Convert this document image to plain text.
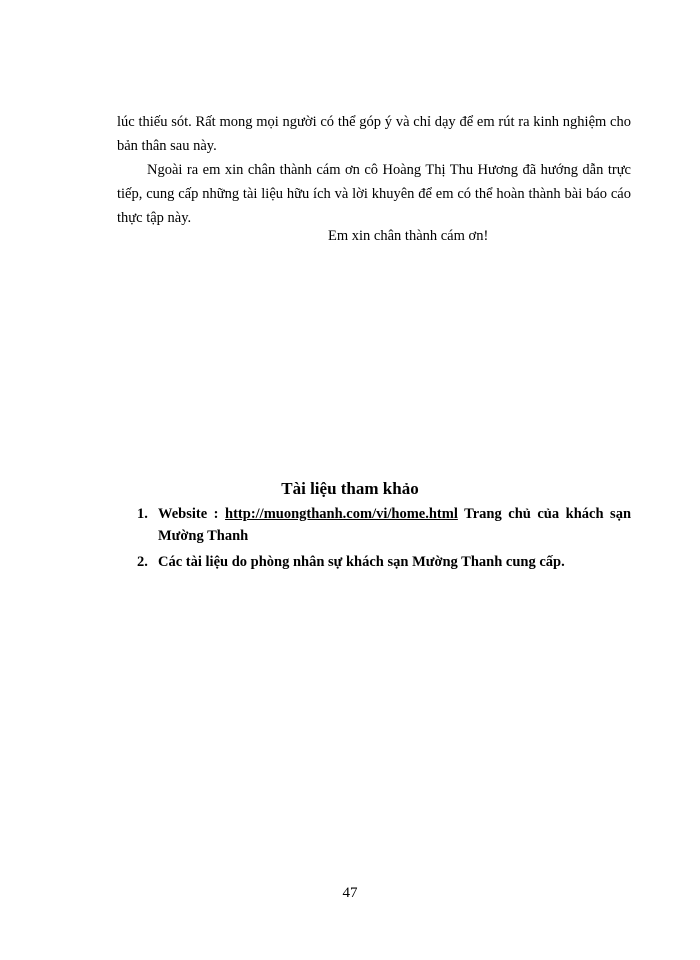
lúc thiếu sót. Rất mong mọi người có thể góp ý và chỉ dạy để em rút ra kinh nghiệm cho bản thân sau này.

Ngoài ra em xin chân thành cám ơn cô Hoàng Thị Thu Hương đã hướng dẫn trực tiếp, cung cấp những tài liệu hữu ích và lời khuyên để em có thể hoàn thành bài báo cáo thực tập này.

Em xin chân thành cám ơn!
Tài liệu tham khảo
1. Website : http://muongthanh.com/vi/home.html Trang chủ của khách sạn Mường Thanh
2. Các tài liệu do phòng nhân sự khách sạn Mường Thanh cung cấp.
47
